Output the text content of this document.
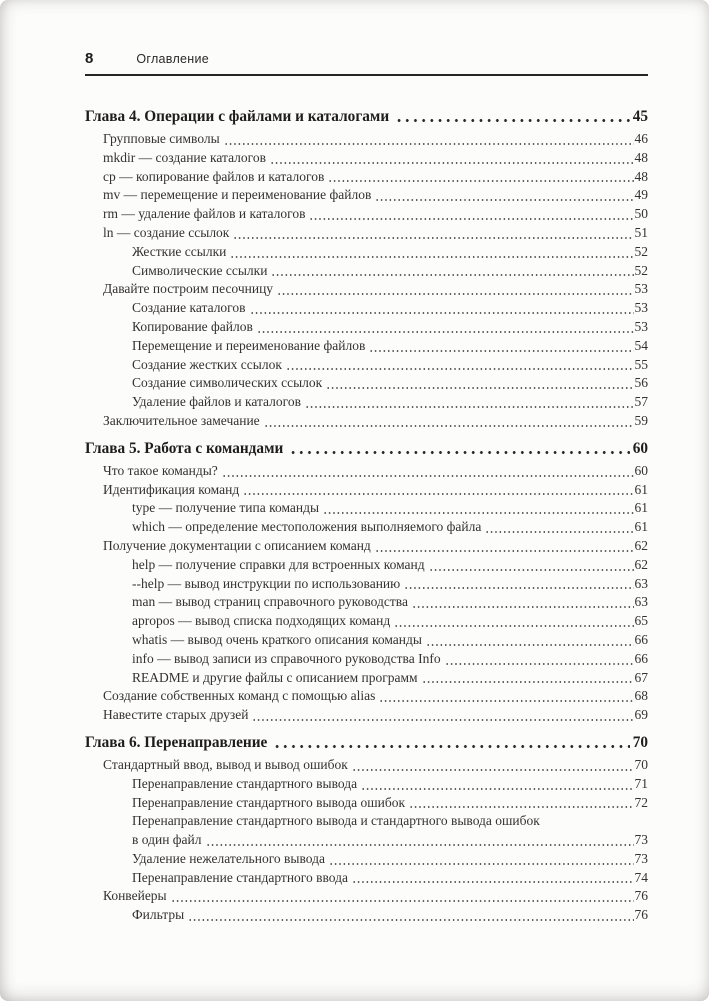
8	Оглавление
Глава 4. Операции с файлами и каталогами	45
Групповые символы	46
mkdir — создание каталогов	48
cp — копирование файлов и каталогов	48
mv — перемещение и переименование файлов	49
rm — удаление файлов и каталогов	50
ln — создание ссылок	51
Жесткие ссылки	52
Символические ссылки	52
Давайте построим песочницу	53
Создание каталогов	53
Копирование файлов	53
Перемещение и переименование файлов	54
Создание жестких ссылок	55
Создание символических ссылок	56
Удаление файлов и каталогов	57
Заключительное замечание	59
Глава 5. Работа с командами	60
Что такое команды?	60
Идентификация команд	61
type — получение типа команды	61
which — определение местоположения выполняемого файла	61
Получение документации с описанием команд	62
help — получение справки для встроенных команд	62
--help — вывод инструкции по использованию	63
man — вывод страниц справочного руководства	63
apropos — вывод списка подходящих команд	65
whatis — вывод очень краткого описания команды	66
info — вывод записи из справочного руководства Info	66
README и другие файлы с описанием программ	67
Создание собственных команд с помощью alias	68
Навестите старых друзей	69
Глава 6. Перенаправление	70
Стандартный ввод, вывод и вывод ошибок	70
Перенаправление стандартного вывода	71
Перенаправление стандартного вывода ошибок	72
Перенаправление стандартного вывода и стандартного вывода ошибок
в один файл	73
Удаление нежелательного вывода	73
Перенаправление стандартного ввода	74
Конвейеры	76
Фильтры	76
